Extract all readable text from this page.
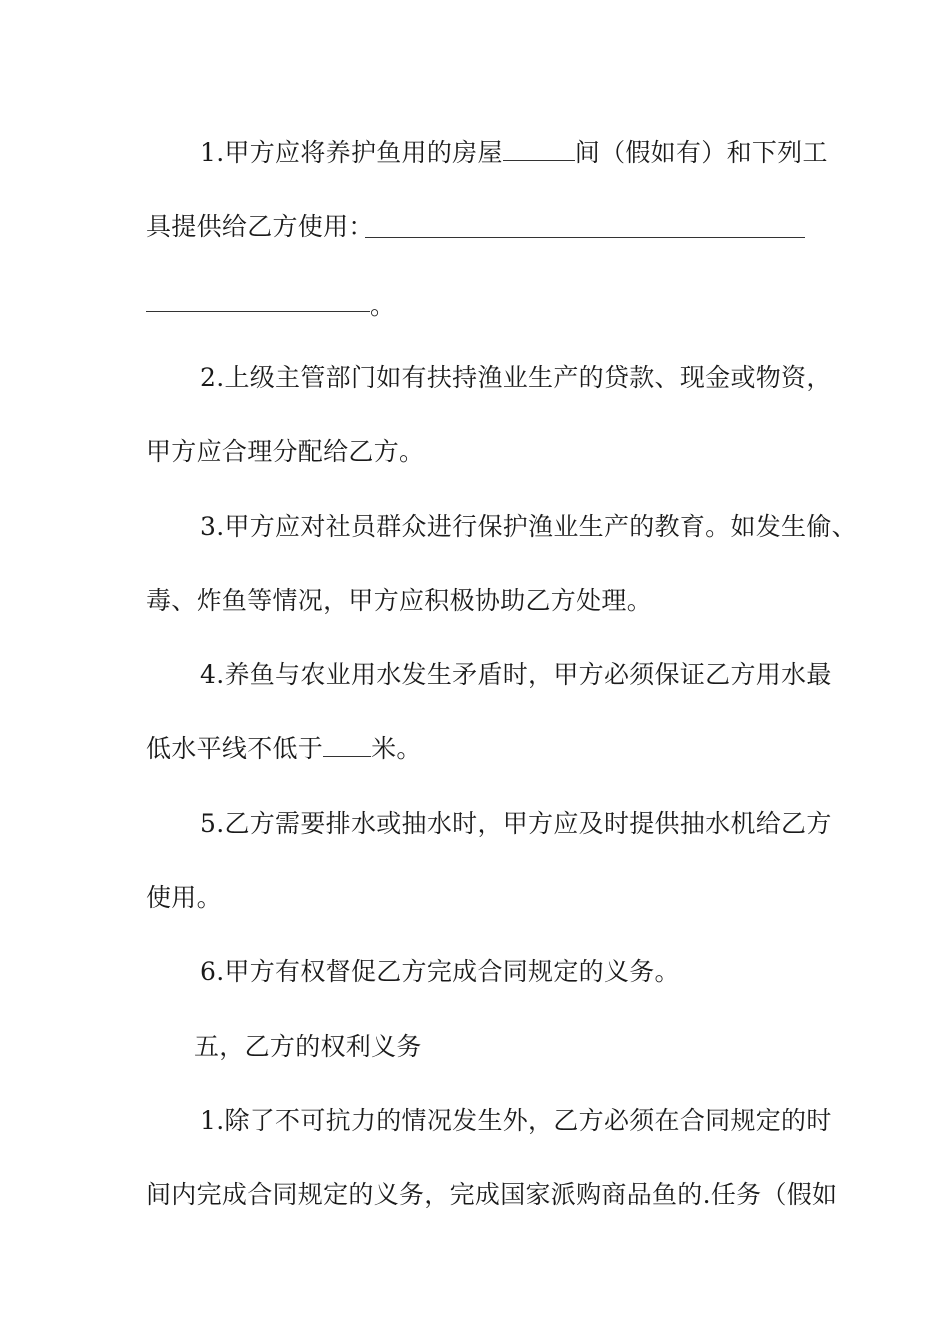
1.甲方应将养护鱼用的房屋	间（假如有）和下列工
具提供给乙方使用：
。
2.上级主管部门如有扶持渔业生产的贷款、现金或物资，
甲方应合理分配给乙方。
3.甲方应对社员群众进行保护渔业生产的教育。如发生偷、
毒、炸鱼等情况，甲方应积极协助乙方处理。
4.养鱼与农业用水发生矛盾时，甲方必须保证乙方用水最
低水平线不低于 米。
5.乙方需要排水或抽水时，甲方应及时提供抽水机给乙方
使用。
6.甲方有权督促乙方完成合同规定的义务。
五，乙方的权利义务
1.除了不可抗力的情况发生外，乙方必须在合同规定的时
间内完成合同规定的义务，完成国家派购商品鱼的.任务（假如
